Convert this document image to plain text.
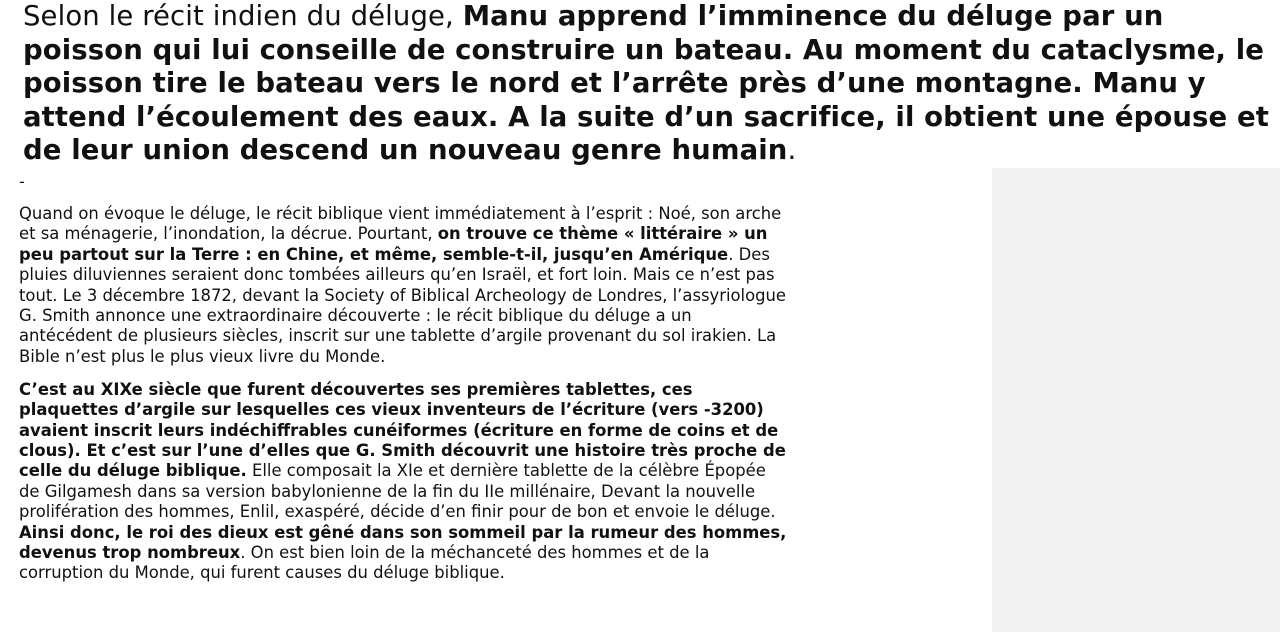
Selon le récit indien du déluge, Manu apprend l’imminence du déluge par un poisson qui lui conseille de construire un bateau. Au moment du cataclysme, le poisson tire le bateau vers le nord et l’arrête près d’une montagne. Manu y attend l’écoulement des eaux. A la suite d’un sacrifice, il obtient une épouse et de leur union descend un nouveau genre humain.

-

Quand on évoque le déluge, le récit biblique vient immédiatement à l’esprit : Noé, son arche et sa ménagerie, l’inondation, la décrue. Pourtant, on trouve ce thème « littéraire » un peu partout sur la Terre : en Chine, et même, semble-t-il, jusqu’en Amérique. Des pluies diluviennes seraient donc tombées ailleurs qu’en Israël, et fort loin. Mais ce n’est pas tout. Le 3 décembre 1872, devant la Society of Biblical Archeology de Londres, l’assyriologue G. Smith annonce une extraordinaire découverte : le récit biblique du déluge a un antécédent de plusieurs siècles, inscrit sur une tablette d’argile provenant du sol irakien. La Bible n’est plus le plus vieux livre du Monde.

C’est au XIXe siècle que furent découvertes ses premières tablettes, ces plaquettes d’argile sur lesquelles ces vieux inventeurs de l’écriture (vers -3200) avaient inscrit leurs indéchiffrables cunéiformes (écriture en forme de coins et de clous). Et c’est sur l’une d’elles que G. Smith découvrit une histoire très proche de celle du déluge biblique. Elle composait la XIe et dernière tablette de la célèbre Épopée de Gilgamesh dans sa version babylonienne de la fin du IIe millénaire, Devant la nouvelle prolifération des hommes, Enlil, exaspéré, décide d’en finir pour de bon et envoie le déluge. Ainsi donc, le roi des dieux est gêné dans son sommeil par la rumeur des hommes, devenus trop nombreux. On est bien loin de la méchanceté des hommes et de la corruption du Monde, qui furent causes du déluge biblique.
